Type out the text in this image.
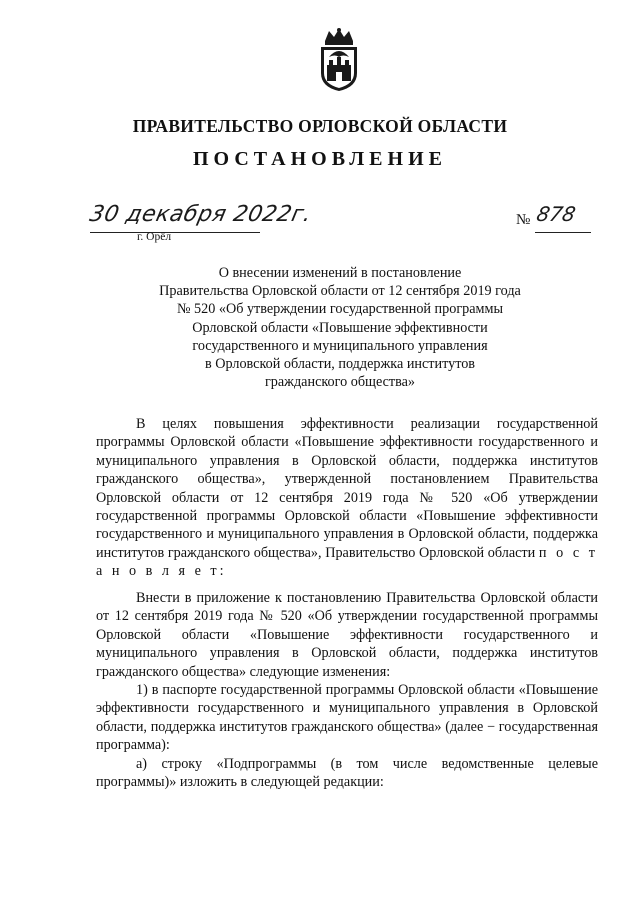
ПРАВИТЕЛЬСТВО ОРЛОВСКОЙ ОБЛАСТИ
ПОСТАНОВЛЕНИЕ
30 декабря 2022г.
г. Орёл
№ 878
О внесении изменений в постановление
Правительства Орловской области от 12 сентября 2019 года
№ 520 «Об утверждении государственной программы
Орловской области «Повышение эффективности
государственного и муниципального управления
в Орловской области, поддержка институтов
гражданского общества»

В целях повышения эффективности реализации государственной программы Орловской области «Повышение эффективности государственного и муниципального управления в Орловской области, поддержка институтов гражданского общества», утвержденной постановлением Правительства Орловской области от 12 сентября 2019 года № 520 «Об утверждении государственной программы Орловской области «Повышение эффективности государственного и муниципального управления в Орловской области, поддержка институтов гражданского общества», Правительство Орловской области п о с т а н о в л я е т:

Внести в приложение к постановлению Правительства Орловской области от 12 сентября 2019 года № 520 «Об утверждении государственной программы Орловской области «Повышение эффективности государственного и муниципального управления в Орловской области, поддержка институтов гражданского общества» следующие изменения:

1) в паспорте государственной программы Орловской области «Повышение эффективности государственного и муниципального управления в Орловской области, поддержка институтов гражданского общества» (далее − государственная программа):

а) строку «Подпрограммы (в том числе ведомственные целевые программы)» изложить в следующей редакции:
